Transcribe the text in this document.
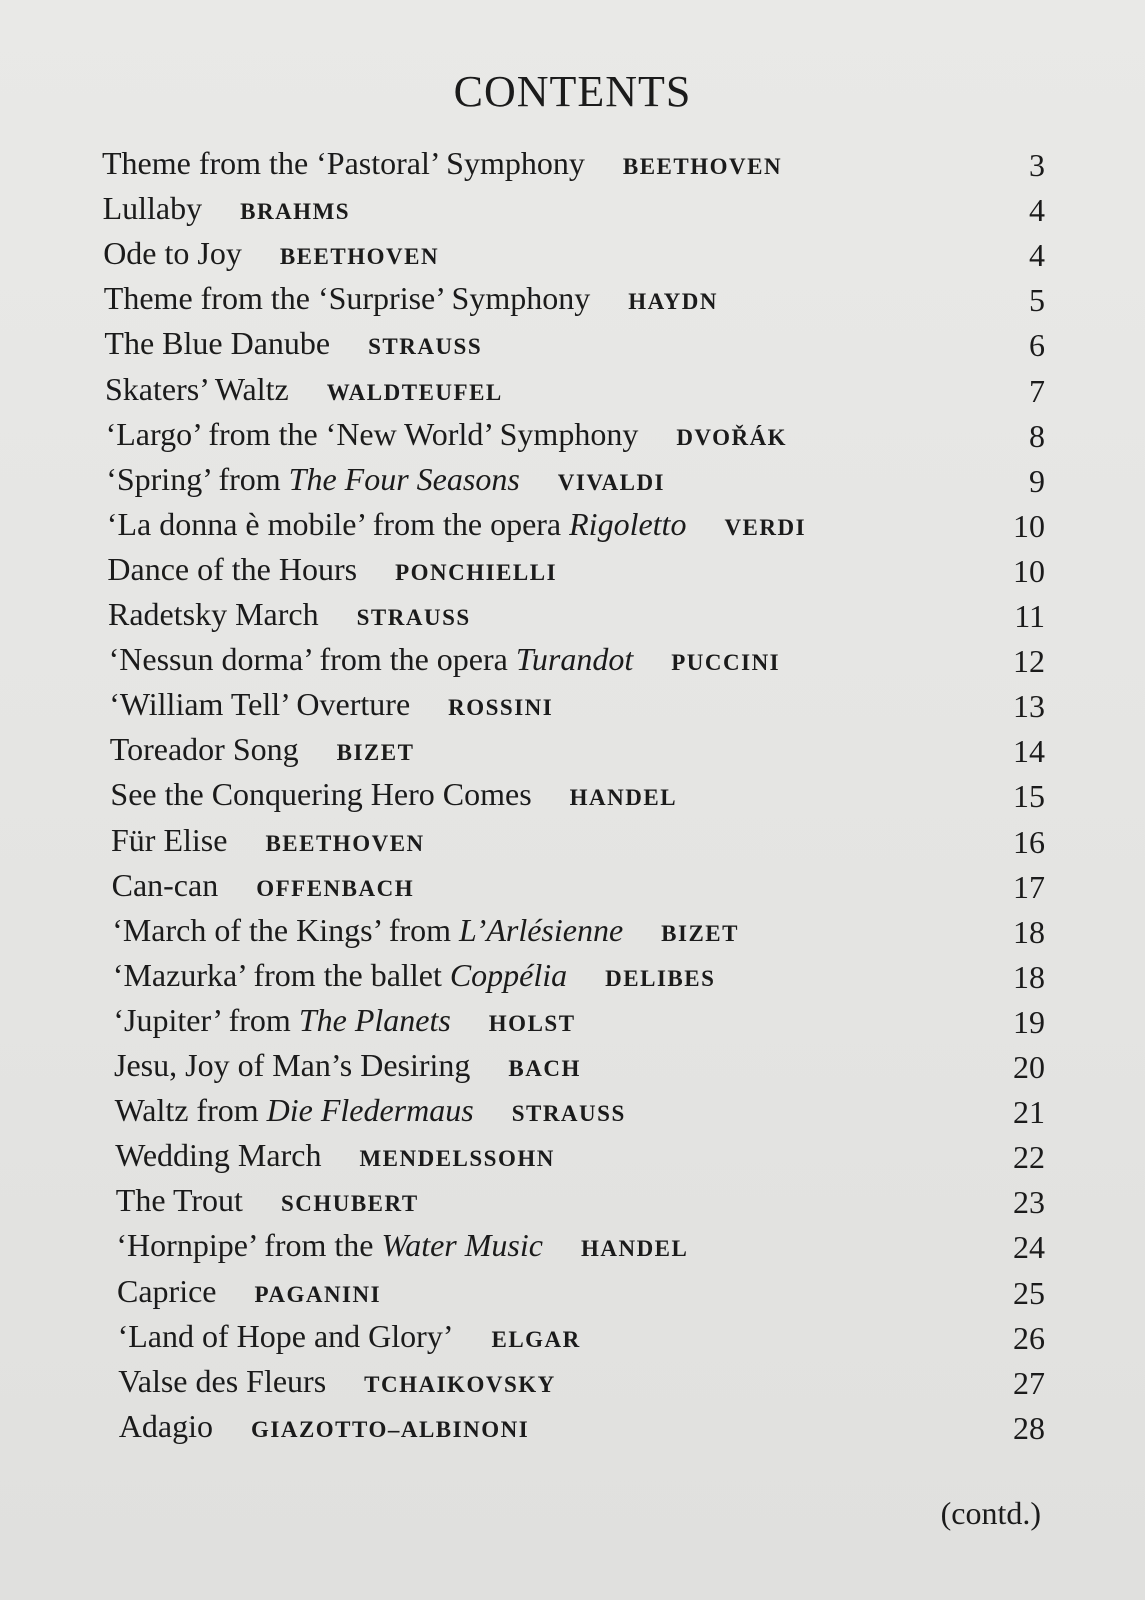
CONTENTS
Theme from the ‘Pastoral’ Symphony BEETHOVEN	3
Lullaby BRAHMS	4
Ode to Joy BEETHOVEN	4
Theme from the ‘Surprise’ Symphony HAYDN	5
The Blue Danube STRAUSS	6
Skaters’ Waltz WALDTEUFEL	7
‘Largo’ from the ‘New World’ Symphony DVOŘÁK	8
‘Spring’ from The Four Seasons VIVALDI	9
‘La donna è mobile’ from the opera Rigoletto VERDI	10
Dance of the Hours PONCHIELLI	10
Radetsky March STRAUSS	11
‘Nessun dorma’ from the opera Turandot PUCCINI	12
‘William Tell’ Overture ROSSINI	13
Toreador Song BIZET	14
See the Conquering Hero Comes HANDEL	15
Für Elise BEETHOVEN	16
Can-can OFFENBACH	17
‘March of the Kings’ from L’Arlésienne BIZET	18
‘Mazurka’ from the ballet Coppélia DELIBES	18
‘Jupiter’ from The Planets HOLST	19
Jesu, Joy of Man’s Desiring BACH	20
Waltz from Die Fledermaus STRAUSS	21
Wedding March MENDELSSOHN	22
The Trout SCHUBERT	23
‘Hornpipe’ from the Water Music HANDEL	24
Caprice PAGANINI	25
‘Land of Hope and Glory’ ELGAR	26
Valse des Fleurs TCHAIKOVSKY	27
Adagio GIAZOTTO–ALBINONI	28
(contd.)
